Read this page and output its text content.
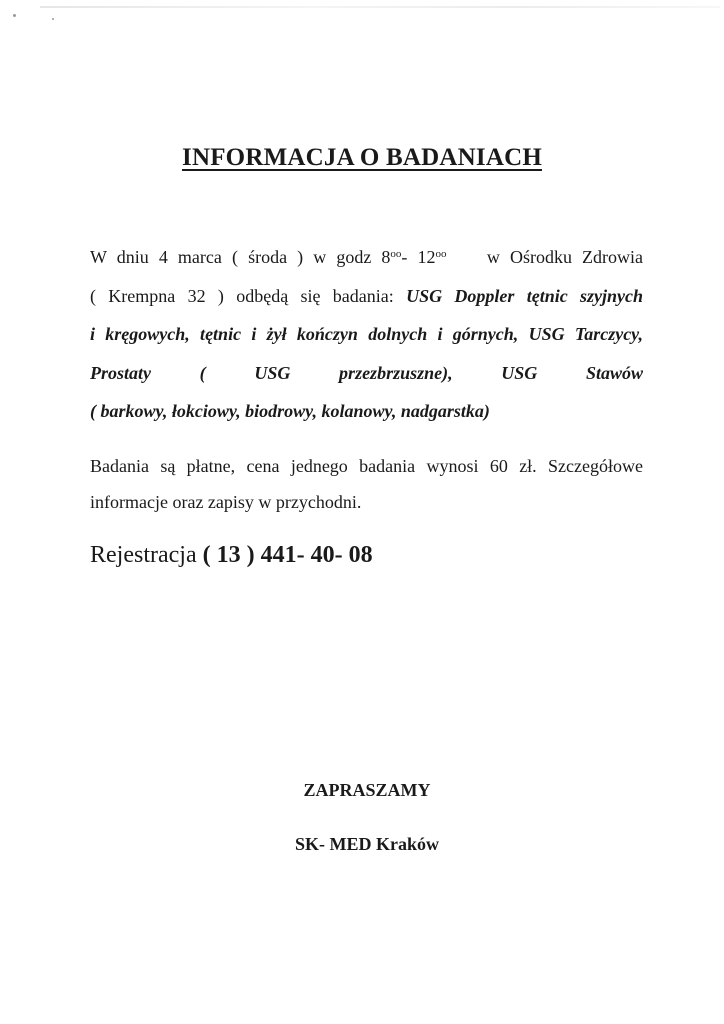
INFORMACJA O BADANIACH
W dniu 4 marca ( środa ) w godz $8^{oo}-$ $12^{oo}$ w Ośrodku Zdrowia
( Krempna 32 ) odbędą się badania: USG Doppler tętnic szyjnych
i kręgowych, tętnic i żył kończyn dolnych i górnych, USG Tarczycy,
Prostaty ( USG przezbrzuszne), USG Stawów
( barkowy, łokciowy, biodrowy, kolanowy, nadgarstka)
Badania są płatne, cena jednego badania wynosi 60 zł. Szczegółowe
informacje oraz zapisy w przychodni.
Rejestracja ( 13 ) 441- 40- 08
ZAPRASZAMY
SK- MED Kraków
